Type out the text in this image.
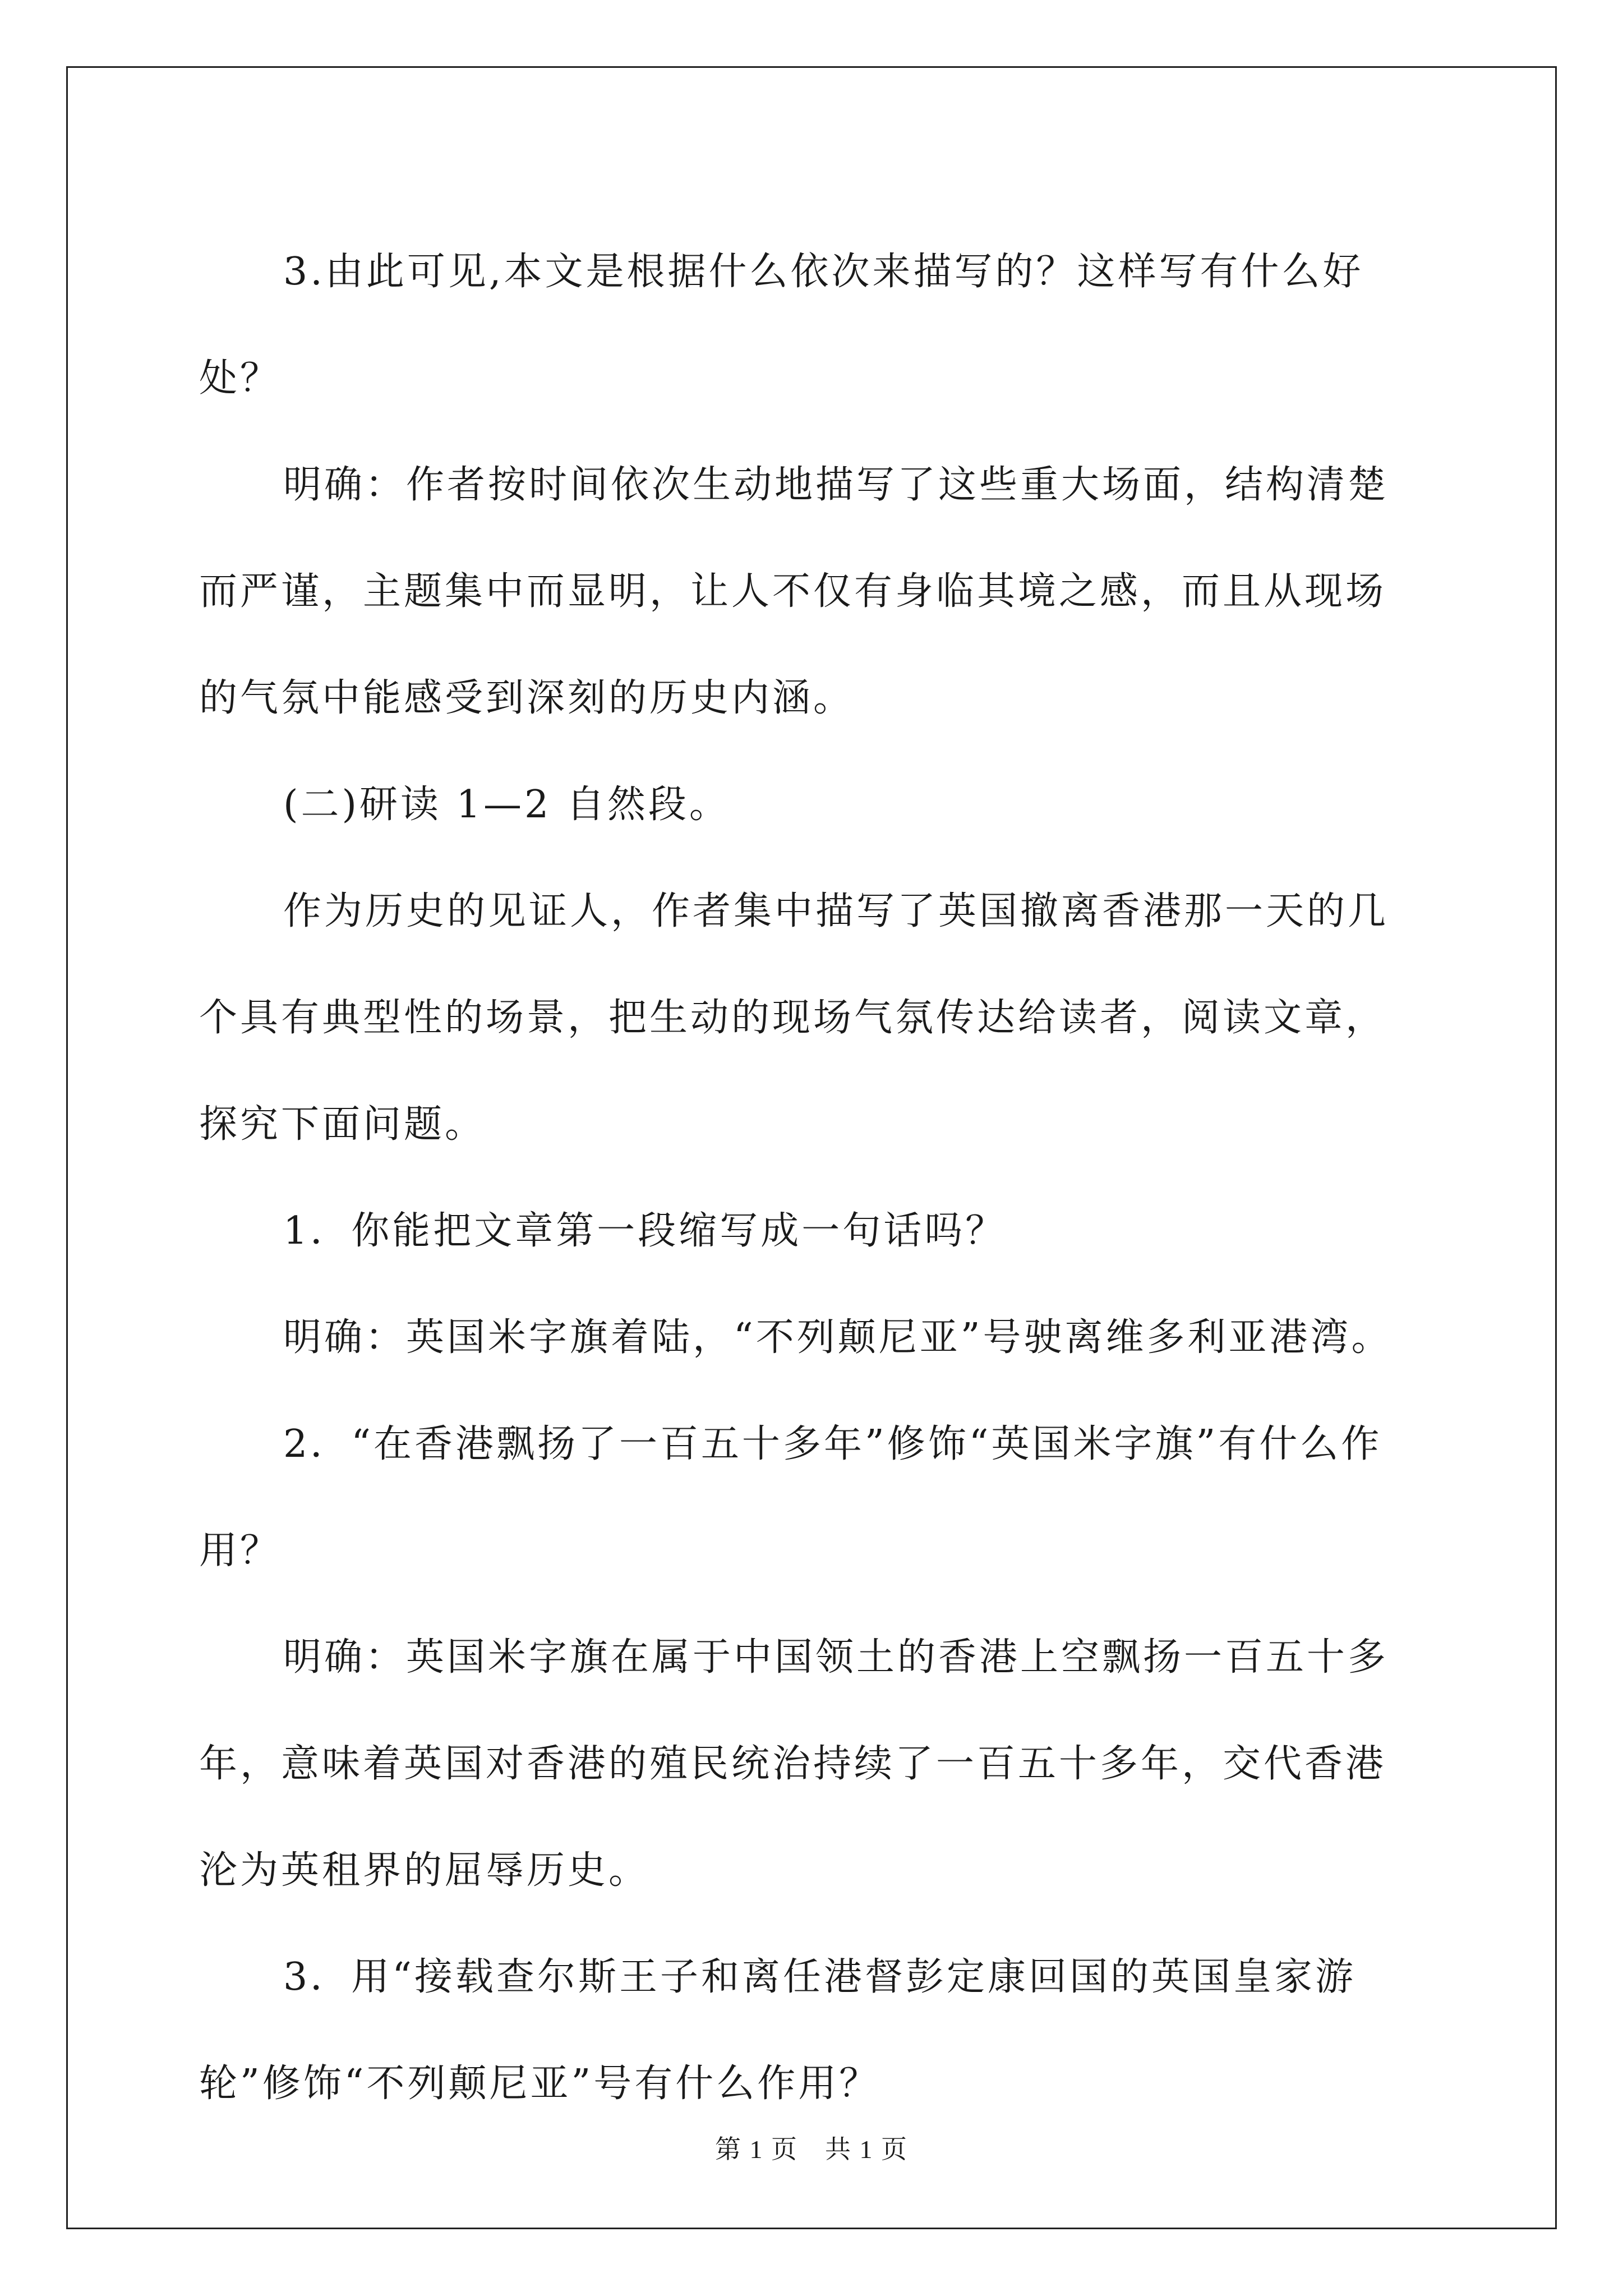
3.由此可见,本文是根据什么依次来描写的？这样写有什么好处？

明确：作者按时间依次生动地描写了这些重大场面，结构清楚而严谨，主题集中而显明，让人不仅有身临其境之感，而且从现场的气氛中能感受到深刻的历史内涵。

(二)研读 1—2 自然段。

作为历史的见证人，作者集中描写了英国撤离香港那一天的几个具有典型性的场景，把生动的现场气氛传达给读者，阅读文章，探究下面问题。

1．你能把文章第一段缩写成一句话吗？

明确：英国米字旗着陆，“不列颠尼亚”号驶离维多利亚港湾。

2．“在香港飘扬了一百五十多年”修饰“英国米字旗”有什么作用？

明确：英国米字旗在属于中国领土的香港上空飘扬一百五十多年，意味着英国对香港的殖民统治持续了一百五十多年，交代香港沦为英租界的屈辱历史。

3．用“接载查尔斯王子和离任港督彭定康回国的英国皇家游轮”修饰“不列颠尼亚”号有什么作用？

第 1 页　共 1 页
